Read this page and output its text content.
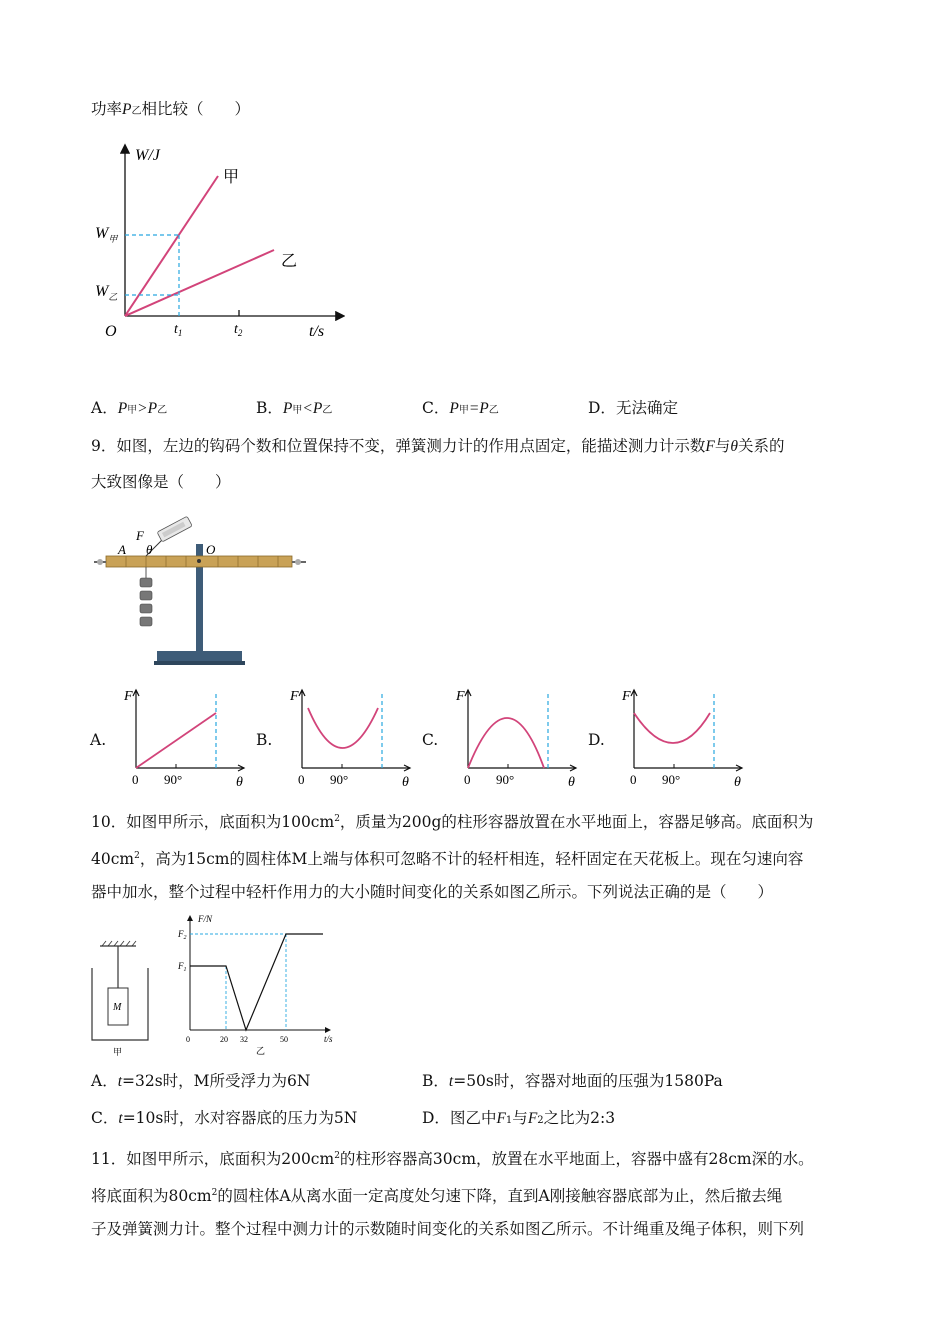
功率P乙相比较（　　）
W/J
t/s
O
甲
乙
$W_甲$
$W_乙$
$t_1$	$t_2$
A．P甲>P乙	B．P甲<P乙	C．P甲=P乙	D．无法确定
9．如图，左边的钩码个数和位置保持不变，弹簧测力计的作用点固定，能描述测力计示数F与θ关系的
大致图像是（　　）
F
A θ	O
A.
F
0 90°	θ
B.
F
0 90°	θ
C.
F
0 90°	θ
D.
F
0 90°	θ
10．如图甲所示，底面积为$100cm^2$，质量为200g的柱形容器放置在水平地面上，容器足够高。底面积为
$40cm^2$，高为15cm的圆柱体M上端与体积可忽略不计的轻杆相连，轻杆固定在天花板上。现在匀速向容
器中加水，整个过程中轻杆作用力的大小随时间变化的关系如图乙所示。下列说法正确的是（　　）
M
甲
F/N
t/s
$F_1$
$F_2$
0	20 32	50
乙
A．t=32s时，M所受浮力为6N	B．t=50s时，容器对地面的压强为1580Pa
C．t=10s时，水对容器底的压力为5N	D．图乙中F1与F2之比为2:3
11．如图甲所示，底面积为$200cm^2$的柱形容器高30cm，放置在水平地面上，容器中盛有28cm深的水。
将底面积为$80cm^2$的圆柱体A从离水面一定高度处匀速下降，直到A刚接触容器底部为止，然后撤去绳
子及弹簧测力计。整个过程中测力计的示数随时间变化的关系如图乙所示。不计绳重及绳子体积，则下列
